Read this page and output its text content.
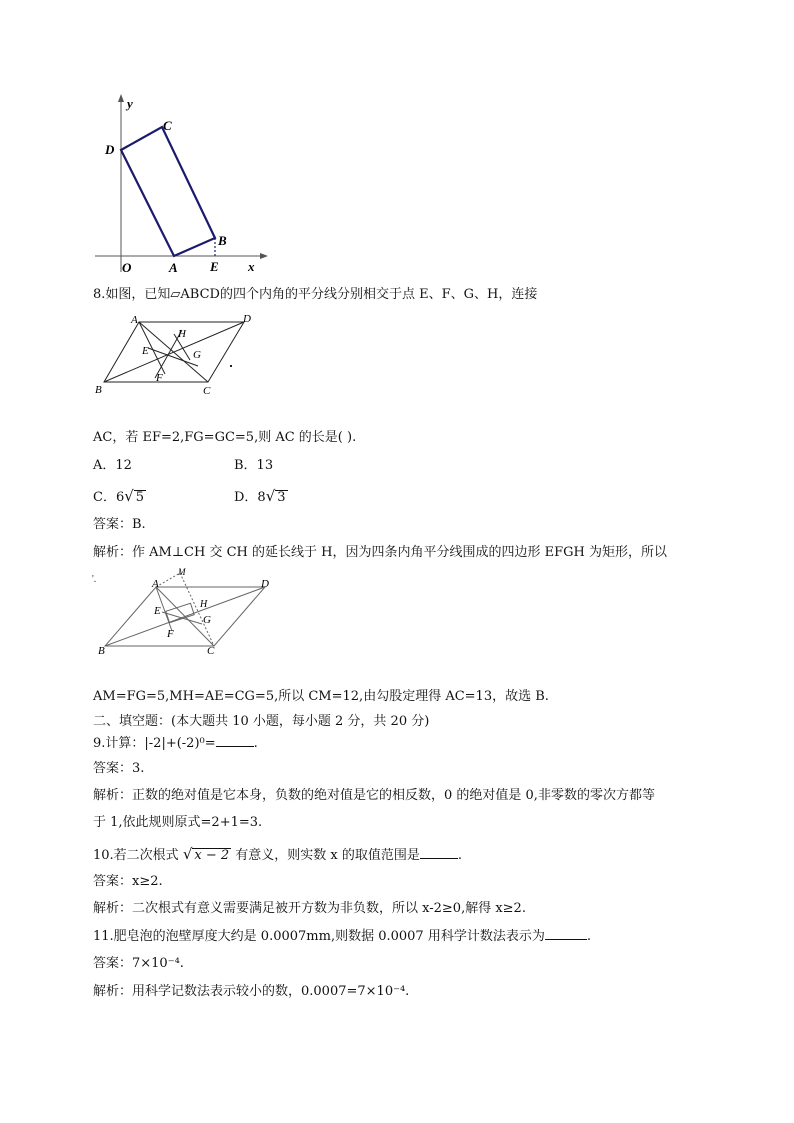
y
x
O	A E
B
C
D
8.如图，已知▱ABCD的四个内角的平分线分别相交于点 E、F、G、H，连接
A	D
H
E	G
F
B	C
AC，若 EF=2,FG=GC=5,则 AC 的长是( ).
A．12	B．13
C．6√ 5	D．8√ 3
答案：B.
解析：作 AM⊥CH 交 CH 的延长线于 H，因为四条内角平分线围成的四边形 EFGH 为矩形，所以
'.
M
A	D
H
E
G
F
B	C
AM=FG=5,MH=AE=CG=5,所以 CM=12,由勾股定理得 AC=13，故选 B.
二、填空题：(本大题共 10 小题，每小题 2 分，共 20 分)
9.计算：|-2|+(-2)⁰=	.
答案：3.
解析：正数的绝对值是它本身，负数的绝对值是它的相反数，0 的绝对值是 0,非零数的零次方都等
于 1,依此规则原式=2+1=3.
10.若二次根式 √ x − 2 有意义，则实数 x 的取值范围是	.
答案：x≥2.
解析：二次根式有意义需要满足被开方数为非负数，所以 x-2≥0,解得 x≥2.
11.肥皂泡的泡壁厚度大约是 0.0007mm,则数据 0.0007 用科学计数法表示为	.
答案：7×10⁻⁴.
解析：用科学记数法表示较小的数，0.0007=7×10⁻⁴.
